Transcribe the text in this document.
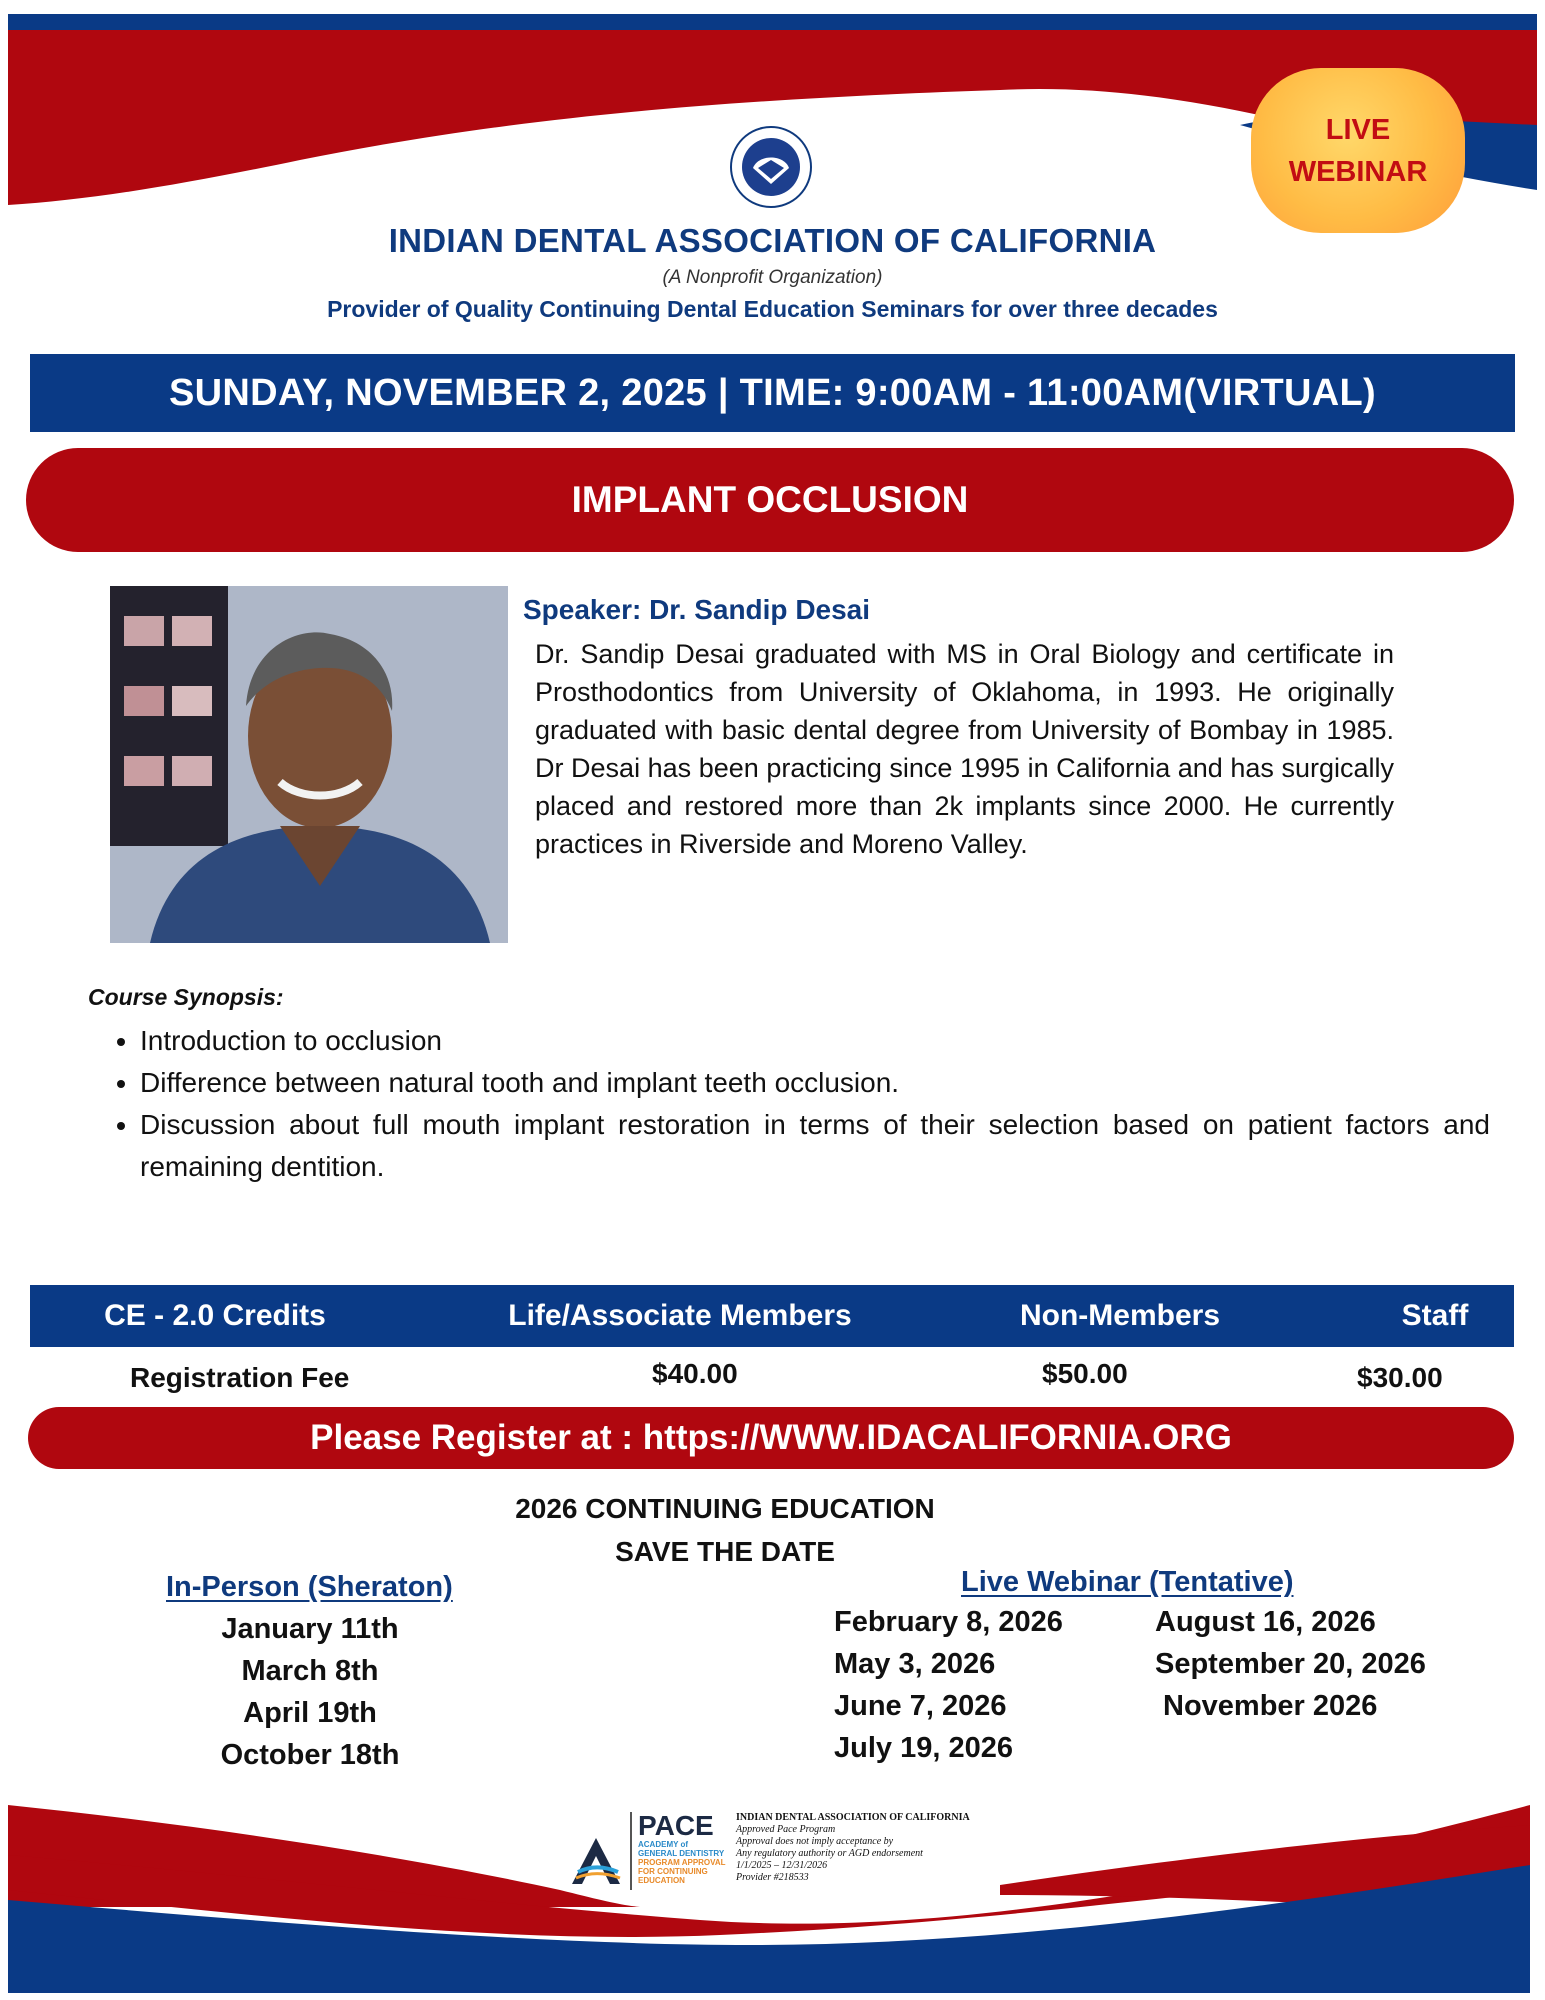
LIVE
WEBINAR
INDIAN DENTAL ASSOCIATION OF CALIFORNIA
(A Nonprofit Organization)
Provider of Quality Continuing Dental Education Seminars for over three decades
SUNDAY, NOVEMBER 2, 2025 | TIME: 9:00AM - 11:00AM(VIRTUAL)
IMPLANT OCCLUSION
Speaker: Dr. Sandip Desai
Dr. Sandip Desai graduated with MS in Oral Biology and certificate in Prosthodontics from University of Oklahoma, in 1993. He originally graduated with basic dental degree from University of Bombay in 1985. Dr Desai has been practicing since 1995 in California and has surgically placed and restored more than 2k implants since 2000. He currently practices in Riverside and Moreno Valley.
Course Synopsis:
• Introduction to occlusion
• Difference between natural tooth and implant teeth occlusion.
• Discussion about full mouth implant restoration in terms of their selection based on patient factors and remaining dentition.
CE - 2.0 Credits	Life/Associate Members	Non-Members	Staff
Registration Fee	$40.00	$50.00	$30.00
Please Register at : https://WWW.IDACALIFORNIA.ORG
2026 CONTINUING EDUCATION
SAVE THE DATE
In-Person (Sheraton)
January 11th
March 8th
April 19th
October 18th
Live Webinar (Tentative)
February 8, 2026
May 3, 2026
June 7, 2026
July 19, 2026
August 16, 2026
September 20, 2026
November 2026
PACE
ACADEMY of
GENERAL DENTISTRY
PROGRAM APPROVAL
FOR CONTINUING
EDUCATION
INDIAN DENTAL ASSOCIATION OF CALIFORNIA
Approved Pace Program
Approval does not imply acceptance by
Any regulatory authority or AGD endorsement
1/1/2025 – 12/31/2026
Provider #218533
